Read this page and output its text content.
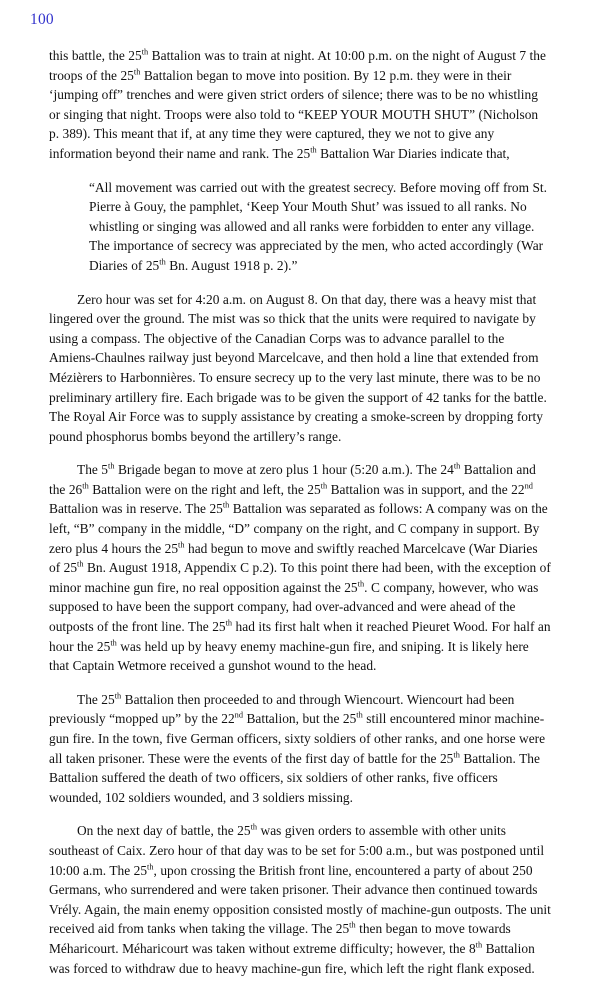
100

this battle, the 25th Battalion was to train at night. At 10:00 p.m. on the night of August 7 the troops of the 25th Battalion began to move into position. By 12 p.m. they were in their ‘jumping off” trenches and were given strict orders of silence; there was to be no whistling or singing that night. Troops were also told to “KEEP YOUR MOUTH SHUT” (Nicholson p. 389). This meant that if, at any time they were captured, they we not to give any information beyond their name and rank. The 25th Battalion War Diaries indicate that,

“All movement was carried out with the greatest secrecy. Before moving off from St. Pierre à Gouy, the pamphlet, ‘Keep Your Mouth Shut’ was issued to all ranks. No whistling or singing was allowed and all ranks were forbidden to enter any village. The importance of secrecy was appreciated by the men, who acted accordingly (War Diaries of 25th Bn. August 1918 p. 2).”

Zero hour was set for 4:20 a.m. on August 8. On that day, there was a heavy mist that lingered over the ground. The mist was so thick that the units were required to navigate by using a compass. The objective of the Canadian Corps was to advance parallel to the Amiens-Chaulnes railway just beyond Marcelcave, and then hold a line that extended from Mézièrers to Harbonnières. To ensure secrecy up to the very last minute, there was to be no preliminary artillery fire. Each brigade was to be given the support of 42 tanks for the battle. The Royal Air Force was to supply assistance by creating a smoke-screen by dropping forty pound phosphorus bombs beyond the artillery’s range.

The 5th Brigade began to move at zero plus 1 hour (5:20 a.m.). The 24th Battalion and the 26th Battalion were on the right and left, the 25th Battalion was in support, and the 22nd Battalion was in reserve. The 25th Battalion was separated as follows: A company was on the left, “B” company in the middle, “D” company on the right, and C company in support. By zero plus 4 hours the 25th had begun to move and swiftly reached Marcelcave (War Diaries of 25th Bn. August 1918, Appendix C p.2). To this point there had been, with the exception of minor machine gun fire, no real opposition against the 25th. C company, however, who was supposed to have been the support company, had over-advanced and were ahead of the outposts of the front line. The 25th had its first halt when it reached Pieuret Wood. For half an hour the 25th was held up by heavy enemy machine-gun fire, and sniping. It is likely here that Captain Wetmore received a gunshot wound to the head.

The 25th Battalion then proceeded to and through Wiencourt. Wiencourt had been previously “mopped up” by the 22nd Battalion, but the 25th still encountered minor machine-gun fire. In the town, five German officers, sixty soldiers of other ranks, and one horse were all taken prisoner. These were the events of the first day of battle for the 25th Battalion. The Battalion suffered the death of two officers, six soldiers of other ranks, five officers wounded, 102 soldiers wounded, and 3 soldiers missing.

On the next day of battle, the 25th was given orders to assemble with other units southeast of Caix. Zero hour of that day was to be set for 5:00 a.m., but was postponed until 10:00 a.m. The 25th, upon crossing the British front line, encountered a party of about 250 Germans, who surrendered and were taken prisoner. Their advance then continued towards Vrély. Again, the main enemy opposition consisted mostly of machine-gun outposts. The unit received aid from tanks when taking the village. The 25th then began to move towards Méharicourt. Méharicourt was taken without extreme difficulty; however, the 8th Battalion was forced to withdraw due to heavy machine-gun fire, which left the right flank exposed.
